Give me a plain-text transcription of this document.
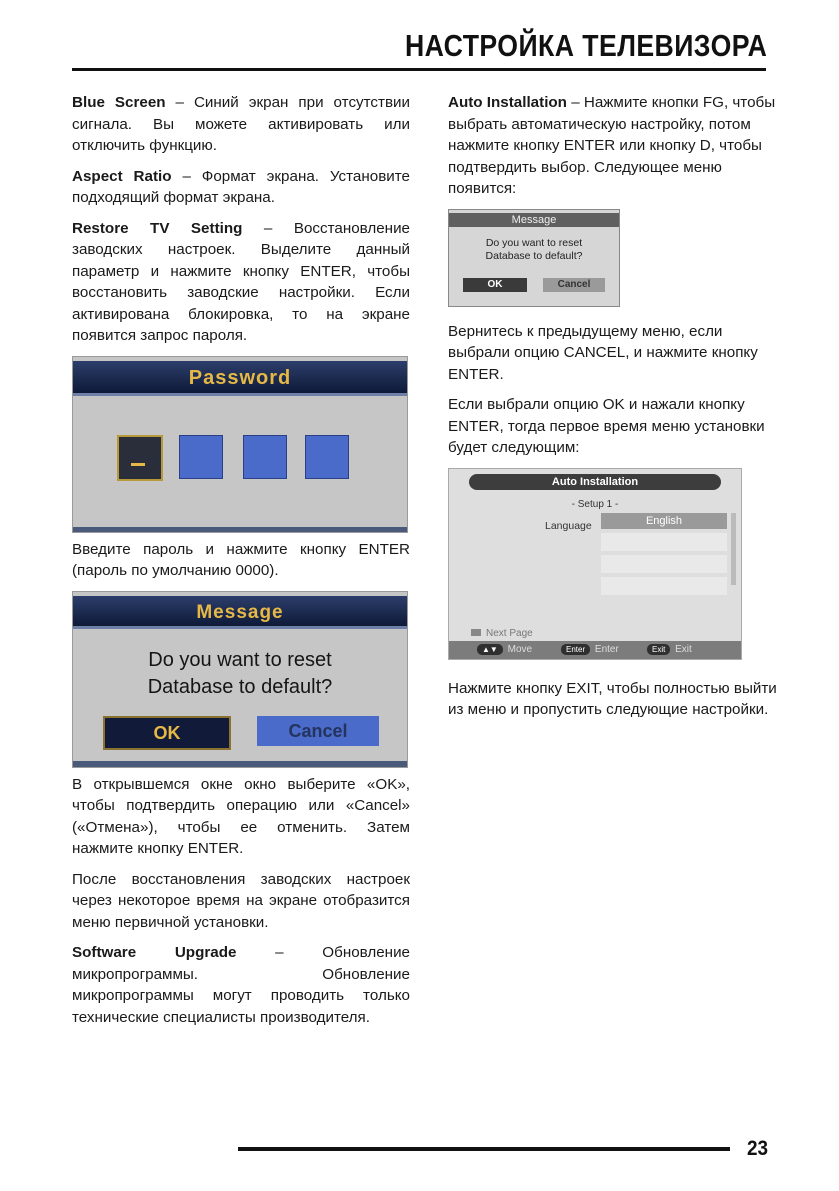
НАСТРОЙКА ТЕЛЕВИЗОРА

Blue Screen – Синий экран при отсутствии сигнала. Вы можете активировать или отключить функцию.

Aspect Ratio – Формат экрана. Установите подходящий формат экрана.

Restore TV Setting – Восстановление заводских настроек. Выделите данный параметр и нажмите кнопку ENTER, чтобы восстановить заводские настройки. Если активирована блокировка, то на экране появится запрос пароля.

Password

Введите пароль и нажмите кнопку ENTER (пароль по умолчанию 0000).

Message
Do you want to reset
Database to default?
OK	Cancel

В открывшемся окне окно выберите «OK», чтобы подтвердить операцию или «Cancel» («Отмена»), чтобы ее отменить. Затем нажмите кнопку ENTER.

После восстановления заводских настроек через некоторое время на экране отобразится меню первичной установки.

Software Upgrade – Обновление микропрограммы. Обновление микропрограммы могут проводить только технические специалисты производителя.

Auto Installation – Нажмите кнопки FG, чтобы выбрать автоматическую настройку, потом нажмите кнопку ENTER или кнопку D, чтобы подтвердить выбор. Следующее меню появится:

Message
Do you want to reset
Database to default?
OK	Cancel

Вернитесь к предыдущему меню, если выбрали опцию CANCEL, и нажмите кнопку ENTER.

Если выбрали опцию OK и нажали кнопку ENTER, тогда первое время меню установки будет следующим:

Auto Installation
- Setup 1 -
Language	English
Next Page
▲▼ Move	Enter Enter	Exit Exit

Нажмите кнопку EXIT, чтобы полностью выйти из меню и пропустить следующие настройки.

23
